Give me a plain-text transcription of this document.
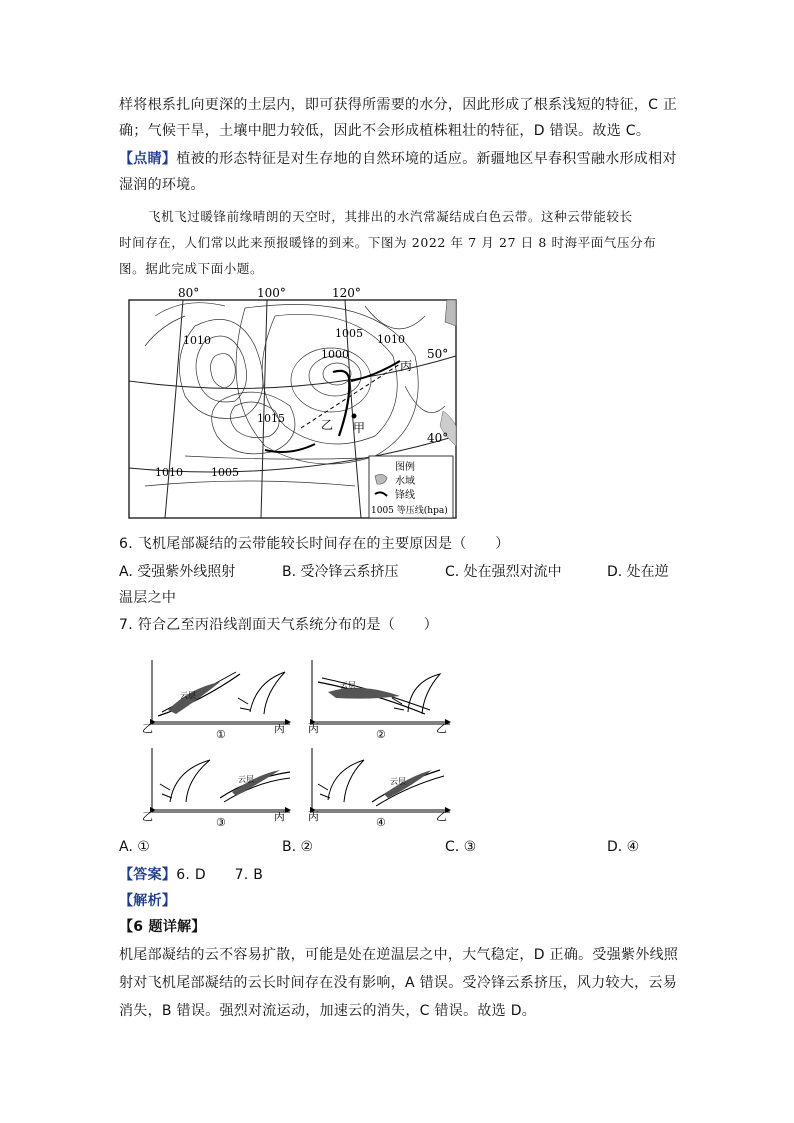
样将根系扎向更深的土层内，即可获得所需要的水分，因此形成了根系浅短的特征，C 正
确；气候干旱，土壤中肥力较低，因此不会形成植株粗壮的特征，D 错误。故选 C。
【点睛】植被的形态特征是对生存地的自然环境的适应。新疆地区早春积雪融水形成相对
湿润的环境。
飞机飞过暖锋前缘晴朗的天空时，其排出的水汽常凝结成白色云带。这种云带能较长
时间存在，人们常以此来预报暖锋的到来。下图为 2022 年 7 月 27 日 8 时海平面气压分布
图。据此完成下面小题。
80°	100°	120°
50°
40°
1010
1005 1010
1000
1015
1010	1005
丙
乙 甲
图例
水域
锋线
1005 等压线(hpa)
6. 飞机尾部凝结的云带能较长时间存在的主要原因是（　　）
A. 受强紫外线照射	B. 受冷锋云系挤压	C. 处在强烈对流中	D. 处在逆
温层之中
7. 符合乙至丙沿线剖面天气系统分布的是（　　）
云层
云层
云层	云层
乙	①	丙 丙	②	乙
乙	③	丙 丙	④	乙
A. ①	B. ②	C. ③	D. ④
【答案】6. D　　7. B
【解析】
【6 题详解】
机尾部凝结的云不容易扩散，可能是处在逆温层之中，大气稳定，D 正确。受强紫外线照
射对飞机尾部凝结的云长时间存在没有影响，A 错误。受冷锋云系挤压，风力较大，云易
消失，B 错误。强烈对流运动，加速云的消失，C 错误。故选 D。
